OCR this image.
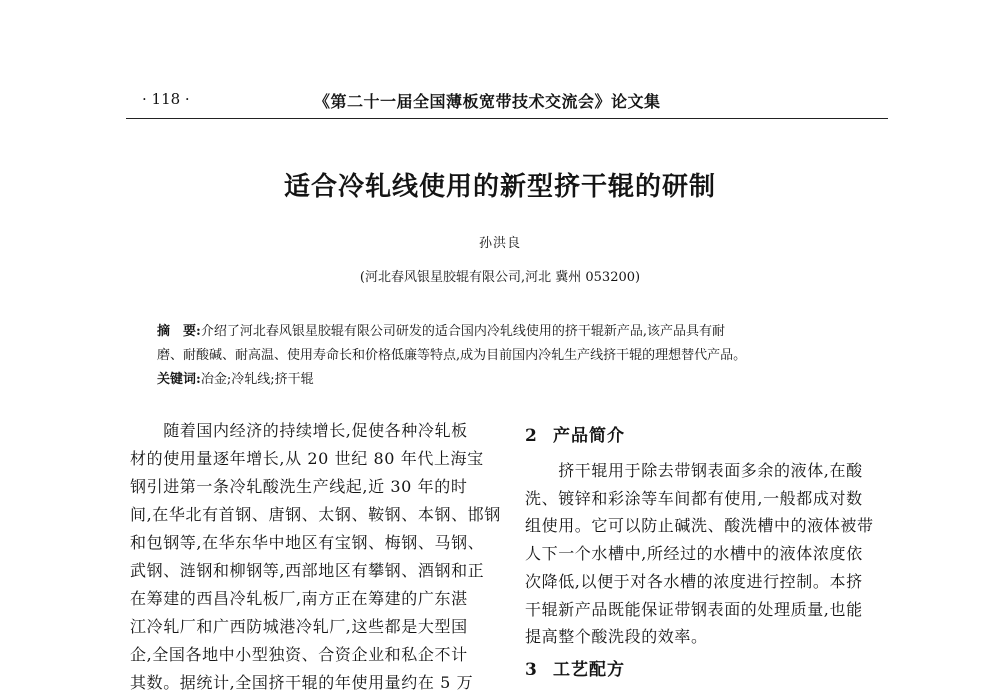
· 118 ·	《第二十一届全国薄板宽带技术交流会》论文集
适合冷轧线使用的新型挤干辊的研制
孙洪良
(河北春风银星胶辊有限公司,河北 冀州 053200)
摘　要:介绍了河北春风银星胶辊有限公司研发的适合国内冷轧线使用的挤干辊新产品,该产品具有耐
磨、耐酸碱、耐高温、使用寿命长和价格低廉等特点,成为目前国内冷轧生产线挤干辊的理想替代产品。
关键词:冶金;冷轧线;挤干辊
　　随着国内经济的持续增长,促使各种冷轧板
材的使用量逐年增长,从 20 世纪 80 年代上海宝
钢引进第一条冷轧酸洗生产线起,近 30 年的时
间,在华北有首钢、唐钢、太钢、鞍钢、本钢、邯钢
和包钢等,在华东华中地区有宝钢、梅钢、马钢、
武钢、涟钢和柳钢等,西部地区有攀钢、酒钢和正
在筹建的西昌冷轧板厂,南方正在筹建的广东湛
江冷轧厂和广西防城港冷轧厂,这些都是大型国
企,全国各地中小型独资、合资企业和私企不计
其数。据统计,全国挤干辊的年使用量约在 5 万
2 产品简介
　　挤干辊用于除去带钢表面多余的液体,在酸
洗、镀锌和彩涂等车间都有使用,一般都成对数
组使用。它可以防止碱洗、酸洗槽中的液体被带
人下一个水槽中,所经过的水槽中的液体浓度依
次降低,以便于对各水槽的浓度进行控制。本挤
干辊新产品既能保证带钢表面的处理质量,也能
提高整个酸洗段的效率。
3 工艺配方
